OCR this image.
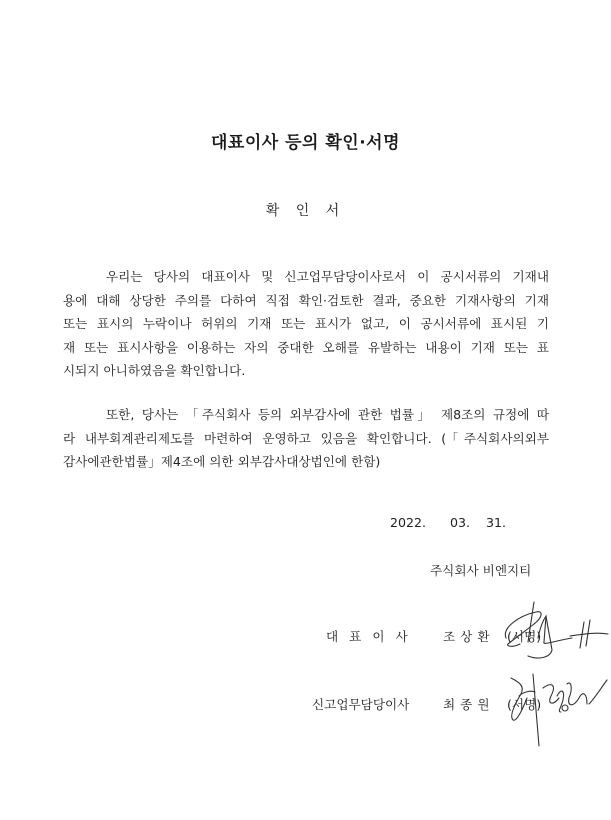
대표이사 등의 확인·서명
확 인 서
우리는 당사의 대표이사 및 신고업무담당이사로서 이 공시서류의 기재내
용에 대해 상당한 주의를 다하여 직접 확인·검토한 결과, 중요한 기재사항의 기재
또는 표시의 누락이나 허위의 기재 또는 표시가 없고, 이 공시서류에 표시된 기
재 또는 표시사항을 이용하는 자의 중대한 오해를 유발하는 내용이 기재 또는 표
시되지 아니하였음을 확인합니다.
또한, 당사는 「주식회사 등의 외부감사에 관한 법률」 제8조의 규정에 따
라 내부회계관리제도를 마련하여 운영하고 있음을 확인합니다. (「주식회사의외부
감사에관한법률」제4조에 의한 외부감사대상법인에 한함)
2022. 03. 31.
주식회사 비엔지티
대표이사 조상환 (서명)
신고업무담당이사	최종원 (서명)
